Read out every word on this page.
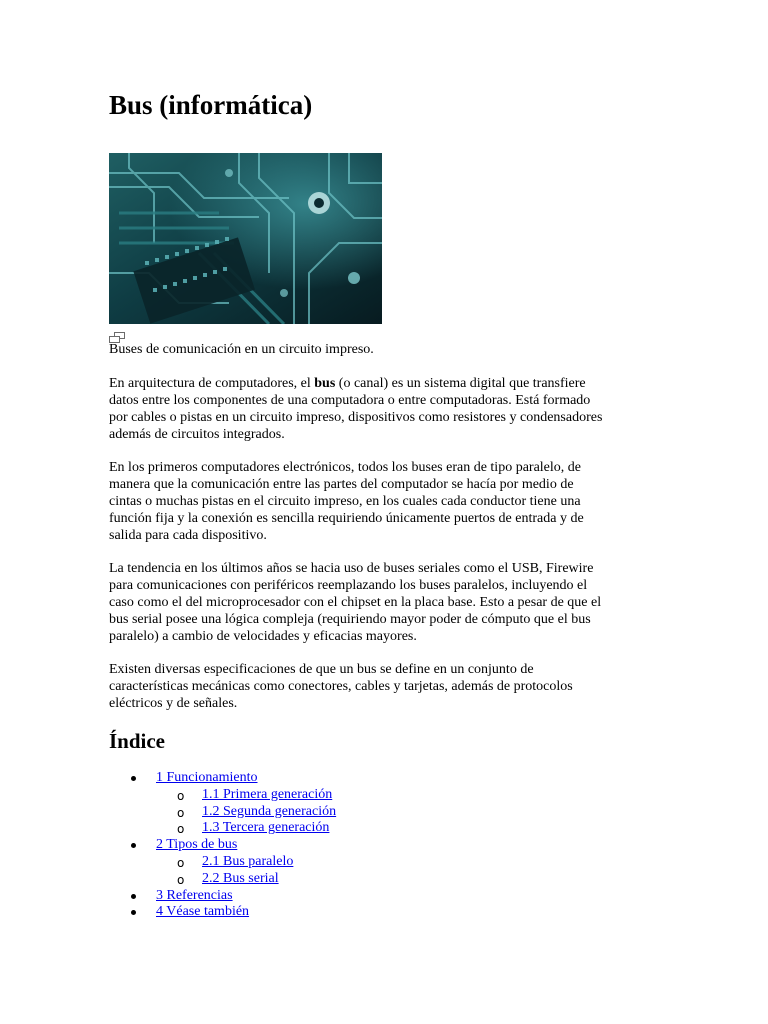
Bus (informática)
Buses de comunicación en un circuito impreso.

En arquitectura de computadores, el bus (o canal) es un sistema digital que transfiere
datos entre los componentes de una computadora o entre computadoras. Está formado
por cables o pistas en un circuito impreso, dispositivos como resistores y condensadores
además de circuitos integrados.

En los primeros computadores electrónicos, todos los buses eran de tipo paralelo, de
manera que la comunicación entre las partes del computador se hacía por medio de
cintas o muchas pistas en el circuito impreso, en los cuales cada conductor tiene una
función fija y la conexión es sencilla requiriendo únicamente puertos de entrada y de
salida para cada dispositivo.

La tendencia en los últimos años se hacia uso de buses seriales como el USB, Firewire
para comunicaciones con periféricos reemplazando los buses paralelos, incluyendo el
caso como el del microprocesador con el chipset en la placa base. Esto a pesar de que el
bus serial posee una lógica compleja (requiriendo mayor poder de cómputo que el bus
paralelo) a cambio de velocidades y eficacias mayores.

Existen diversas especificaciones de que un bus se define en un conjunto de
características mecánicas como conectores, cables y tarjetas, además de protocolos
eléctricos y de señales.

Índice
1 Funcionamiento
o 1.1 Primera generación
o 1.2 Segunda generación
o 1.3 Tercera generación
2 Tipos de bus
o 2.1 Bus paralelo
o 2.2 Bus serial
3 Referencias
4 Véase también
